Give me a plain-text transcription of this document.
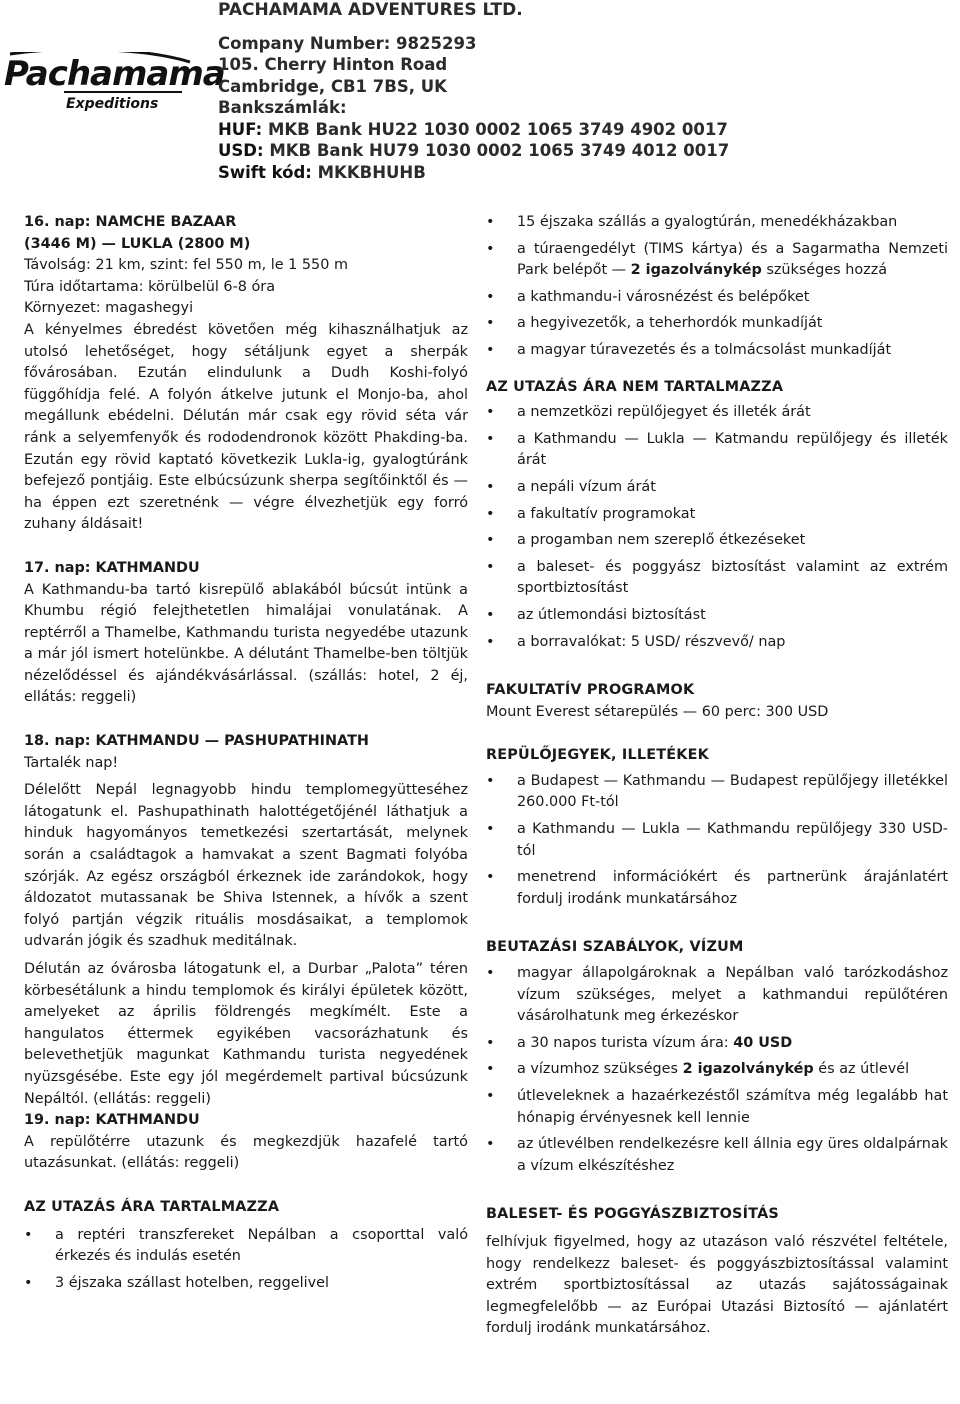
Pachamama
Expeditions
PACHAMAMA ADVENTURES LTD.
Company Number: 9825293
105. Cherry Hinton Road
Cambridge, CB1 7BS, UK
Bankszámlák:
HUF: MKB Bank HU22 1030 0002 1065 3749 4902 0017
USD: MKB Bank HU79 1030 0002 1065 3749 4012 0017
Swift kód: MKKBHUHB

16. nap: NAMCHE BAZAAR

(3446 M) — LUKLA (2800 M)

Távolság: 21 km, szint: fel 550 m, le 1 550 m

Túra időtartama: körülbelül 6-8 óra

Környezet: magashegyi

A kényelmes ébredést követően még kihasználhatjuk az utolsó lehetőséget, hogy sétáljunk egyet a sherpák fővárosában. Ezután elindulunk a Dudh Koshi-folyó függőhídja felé. A folyón átkelve jutunk el Monjo-ba, ahol megállunk ebédelni. Délután már csak egy rövid séta vár ránk a selyemfenyők és rododendronok között Phakding-ba. Ezután egy rövid kaptató következik Lukla-ig, gyalogtúránk befejező pontjáig. Este elbúcsúzunk sherpa segítőinktől és — ha éppen ezt szeretnénk — végre élvezhetjük egy forró zuhany áldásait!

17. nap: KATHMANDU

A Kathmandu-ba tartó kisrepülő ablakából búcsút intünk a Khumbu régió felejthetetlen himalájai vonulatának. A reptérről a Thamelbe, Kathmandu turista negyedébe utazunk a már jól ismert hotelünkbe. A délutánt Thamelbe-ben töltjük nézelődéssel és ajándékvásárlással. (szállás: hotel, 2 éj, ellátás: reggeli)

18. nap: KATHMANDU — PASHUPATHINATH

Tartalék nap!

Délelőtt Nepál legnagyobb hindu templomegyütteséhez látogatunk el. Pashupathinath halottégetőjénél láthatjuk a hinduk hagyományos temetkezési szertartását, melynek során a családtagok a hamvakat a szent Bagmati folyóba szórják. Az egész országból érkeznek ide zarándokok, hogy áldozatot mutassanak be Shiva Istennek, a hívők a szent folyó partján végzik rituális mosdásaikat, a templomok udvarán jógik és szadhuk meditálnak.

Délután az óvárosba látogatunk el, a Durbar „Palota” téren körbesétálunk a hindu templomok és királyi épületek között, amelyeket az április földrengés megkímélt. Este a hangulatos éttermek egyikében vacsorázhatunk és belevethetjük magunkat Kathmandu turista negyedének nyüzsgésébe. Este egy jól megérdemelt partival búcsúzunk Nepáltól. (ellátás: reggeli)

19. nap: KATHMANDU

A repülőtérre utazunk és megkezdjük hazafelé tartó utazásunkat. (ellátás: reggeli)

AZ UTAZÁS ÁRA TARTALMAZZA

• a reptéri transzfereket Nepálban a csoporttal való érkezés és indulás esetén
• 3 éjszaka szállast hotelben, reggelivel
• 15 éjszaka szállás a gyalogtúrán, menedékházakban
• a túraengedélyt (TIMS kártya) és a Sagarmatha Nemzeti Park belépőt — 2 igazolványkép szükséges hozzá
• a kathmandu-i városnézést és belépőket
• a hegyivezetők, a teherhordók munkadíját
• a magyar túravezetés és a tolmácsolást munkadíját

AZ UTAZÁS ÁRA NEM TARTALMAZZA

• a nemzetközi repülőjegyet és illeték árát
• a Kathmandu — Lukla — Katmandu repülőjegy és illeték árát
• a nepáli vízum árát
• a fakultatív programokat
• a progamban nem szereplő étkezéseket
• a baleset- és poggyász biztosítást valamint az extrém sportbiztosítást
• az útlemondási biztosítást
• a borravalókat: 5 USD/ részvevő/ nap

FAKULTATÍV PROGRAMOK

Mount Everest sétarepülés — 60 perc: 300 USD

REPÜLŐJEGYEK, ILLETÉKEK

• a Budapest — Kathmandu — Budapest repülőjegy illetékkel 260.000 Ft-tól
• a Kathmandu — Lukla — Kathmandu repülőjegy 330 USD-tól
• menetrend információkért és partnerünk árajánlatért fordulj irodánk munkatársához

BEUTAZÁSI SZABÁLYOK, VÍZUM

• magyar állapolgároknak a Nepálban való tarózkodáshoz vízum szükséges, melyet a kathmandui repülőtéren vásárolhatunk meg érkezéskor
• a 30 napos turista vízum ára: 40 USD
• a vízumhoz szükséges 2 igazolványkép és az útlevél
• útleveleknek a hazaérkezéstől számítva még legalább hat hónapig érvényesnek kell lennie
• az útlevélben rendelkezésre kell állnia egy üres oldalpárnak a vízum elkészítéshez

BALESET- ÉS POGGYÁSZBIZTOSÍTÁS

felhívjuk figyelmed, hogy az utazáson való részvétel feltétele, hogy rendelkezz baleset- és poggyászbiztosítással valamint extrém sportbiztosítással az utazás sajátosságainak legmegfelelőbb — az Európai Utazási Biztosító — ajánlatért fordulj irodánk munkatársához.
